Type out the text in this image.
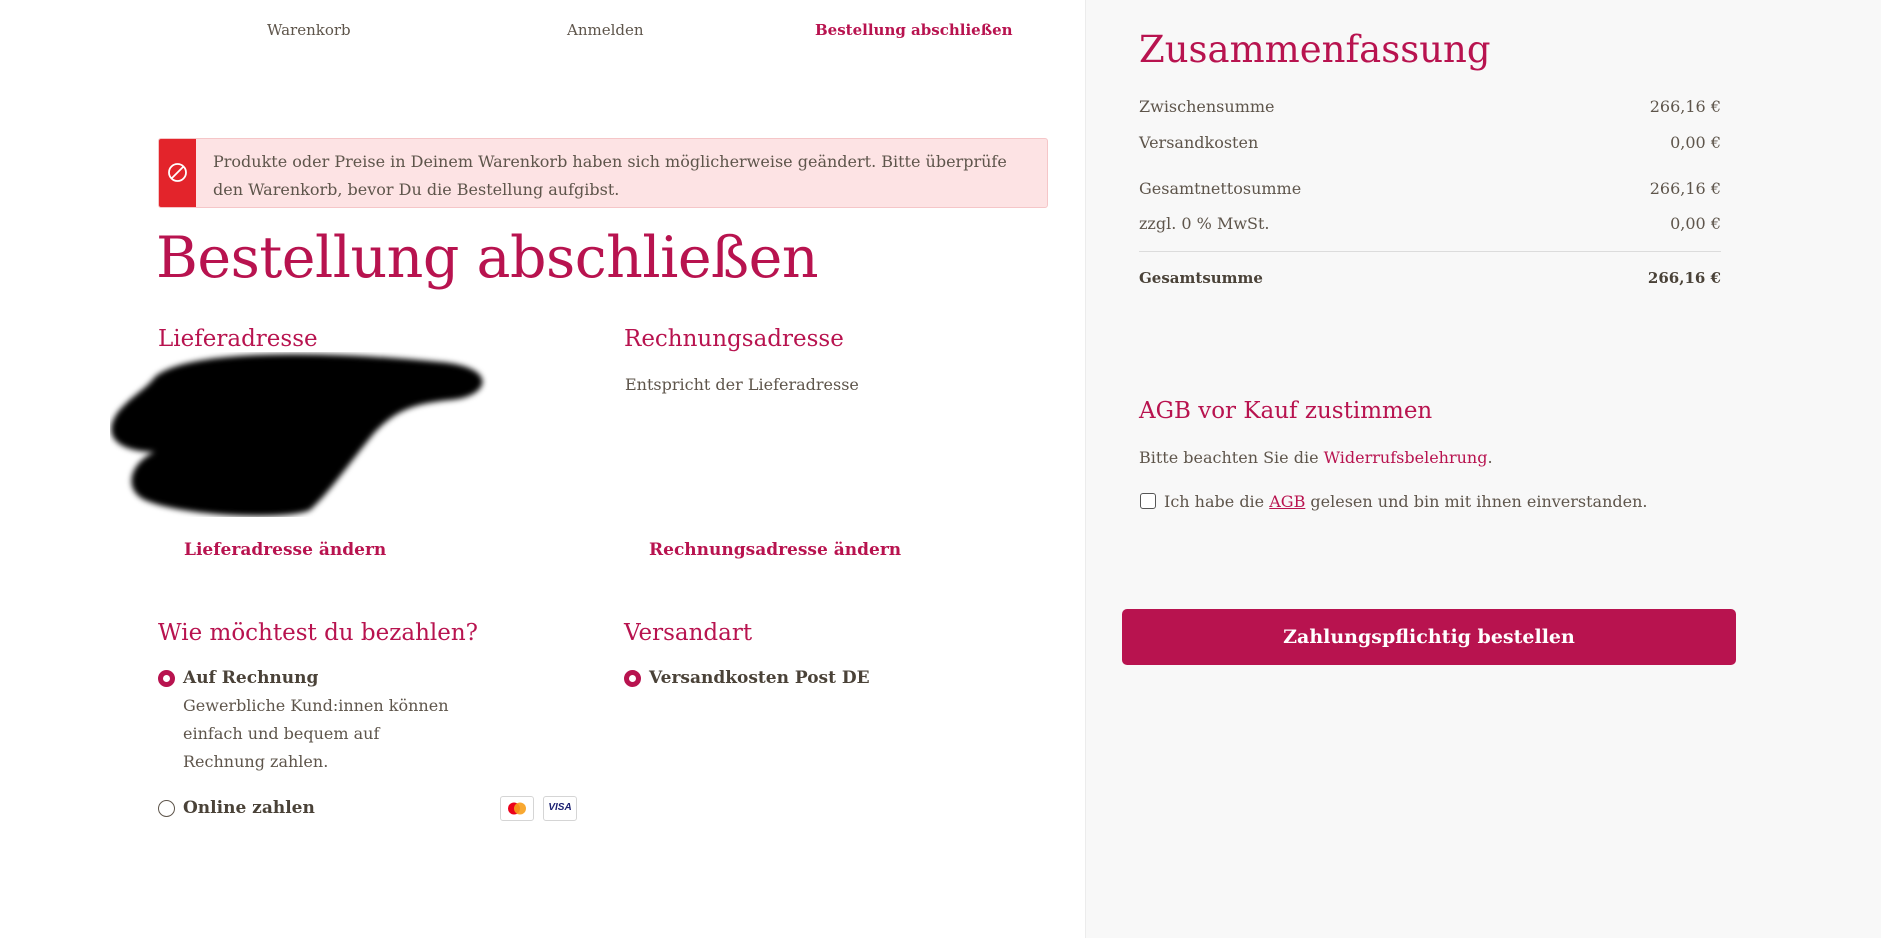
Warenkorb	Anmelden	Bestellung abschließen
Produkte oder Preise in Deinem Warenkorb haben sich möglicherweise geändert. Bitte überprüfe den Warenkorb, bevor Du die Bestellung aufgibst.
Bestellung abschließen
Lieferadresse
Lieferadresse ändern
Rechnungsadresse
Entspricht der Lieferadresse
Rechnungsadresse ändern
Wie möchtest du bezahlen?
Auf Rechnung
Gewerbliche Kund:innen können einfach und bequem auf Rechnung zahlen.
Online zahlen	VISA
Versandart
Versandkosten Post DE
Zusammenfassung
Zwischensumme	266,16 €
Versandkosten	0,00 €
Gesamtnettosumme	266,16 €
zzgl. 0 % MwSt.	0,00 €
Gesamtsumme	266,16 €
AGB vor Kauf zustimmen
Bitte beachten Sie die Widerrufsbelehrung.
Ich habe die AGB gelesen und bin mit ihnen einverstanden.
Zahlungspflichtig bestellen
